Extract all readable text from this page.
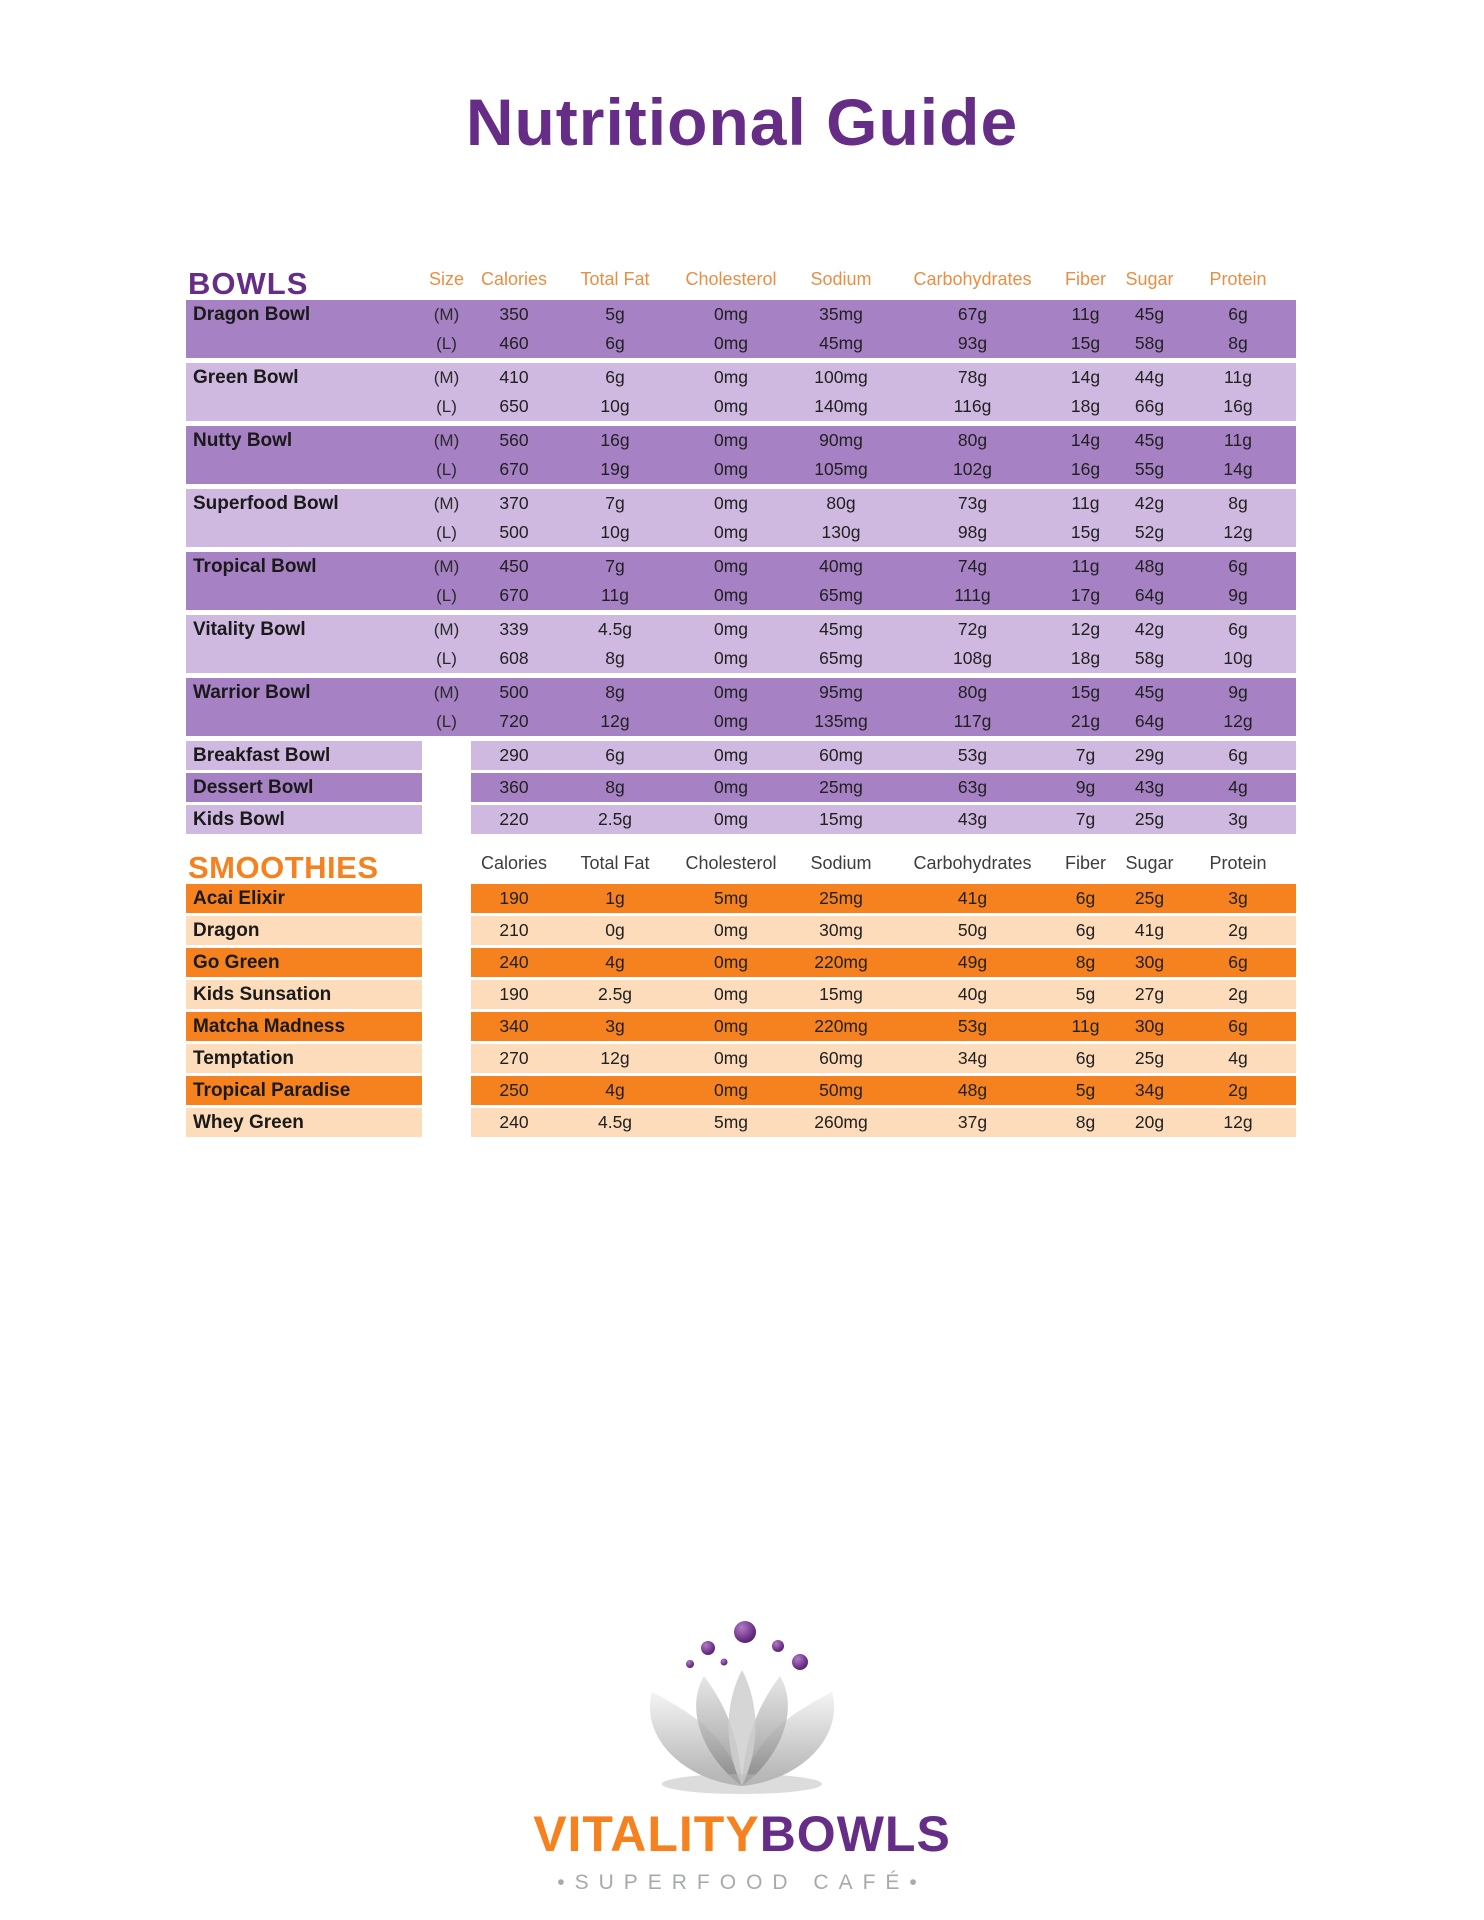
Nutritional Guide
BOWLS	Size Calories	Total Fat	Cholesterol	Sodium	Carbohydrates	Fiber	Sugar	Protein
Dragon Bowl	(M)	350	5g	0mg	35mg	67g	11g	45g	6g
(L)	460	6g	0mg	45mg	93g	15g	58g	8g
Green Bowl	(M)	410	6g	0mg	100mg	78g	14g	44g	11g
(L)	650	10g	0mg	140mg	116g	18g	66g	16g
Nutty Bowl	(M)	560	16g	0mg	90mg	80g	14g	45g	11g
(L)	670	19g	0mg	105mg	102g	16g	55g	14g
Superfood Bowl	(M)	370	7g	0mg	80g	73g	11g	42g	8g
(L)	500	10g	0mg	130g	98g	15g	52g	12g
Tropical Bowl	(M)	450	7g	0mg	40mg	74g	11g	48g	6g
(L)	670	11g	0mg	65mg	111g	17g	64g	9g
Vitality Bowl	(M)	339	4.5g	0mg	45mg	72g	12g	42g	6g
(L)	608	8g	0mg	65mg	108g	18g	58g	10g
Warrior Bowl	(M)	500	8g	0mg	95mg	80g	15g	45g	9g
(L)	720	12g	0mg	135mg	117g	21g	64g	12g
Breakfast Bowl	290	6g	0mg	60mg	53g	7g	29g	6g
Dessert Bowl	360	8g	0mg	25mg	63g	9g	43g	4g
Kids Bowl	220	2.5g	0mg	15mg	43g	7g	25g	3g
SMOOTHIES	Calories	Total Fat	Cholesterol	Sodium	Carbohydrates	Fiber	Sugar	Protein
Acai Elixir	190	1g	5mg	25mg	41g	6g	25g	3g
Dragon	210	0g	0mg	30mg	50g	6g	41g	2g
Go Green	240	4g	0mg	220mg	49g	8g	30g	6g
Kids Sunsation	190	2.5g	0mg	15mg	40g	5g	27g	2g
Matcha Madness	340	3g	0mg	220mg	53g	11g	30g	6g
Temptation	270	12g	0mg	60mg	34g	6g	25g	4g
Tropical Paradise	250	4g	0mg	50mg	48g	5g	34g	2g
Whey Green	240	4.5g	5mg	260mg	37g	8g	20g	12g
VITALITYBOWLS
•SUPERFOOD CAFÉ•
